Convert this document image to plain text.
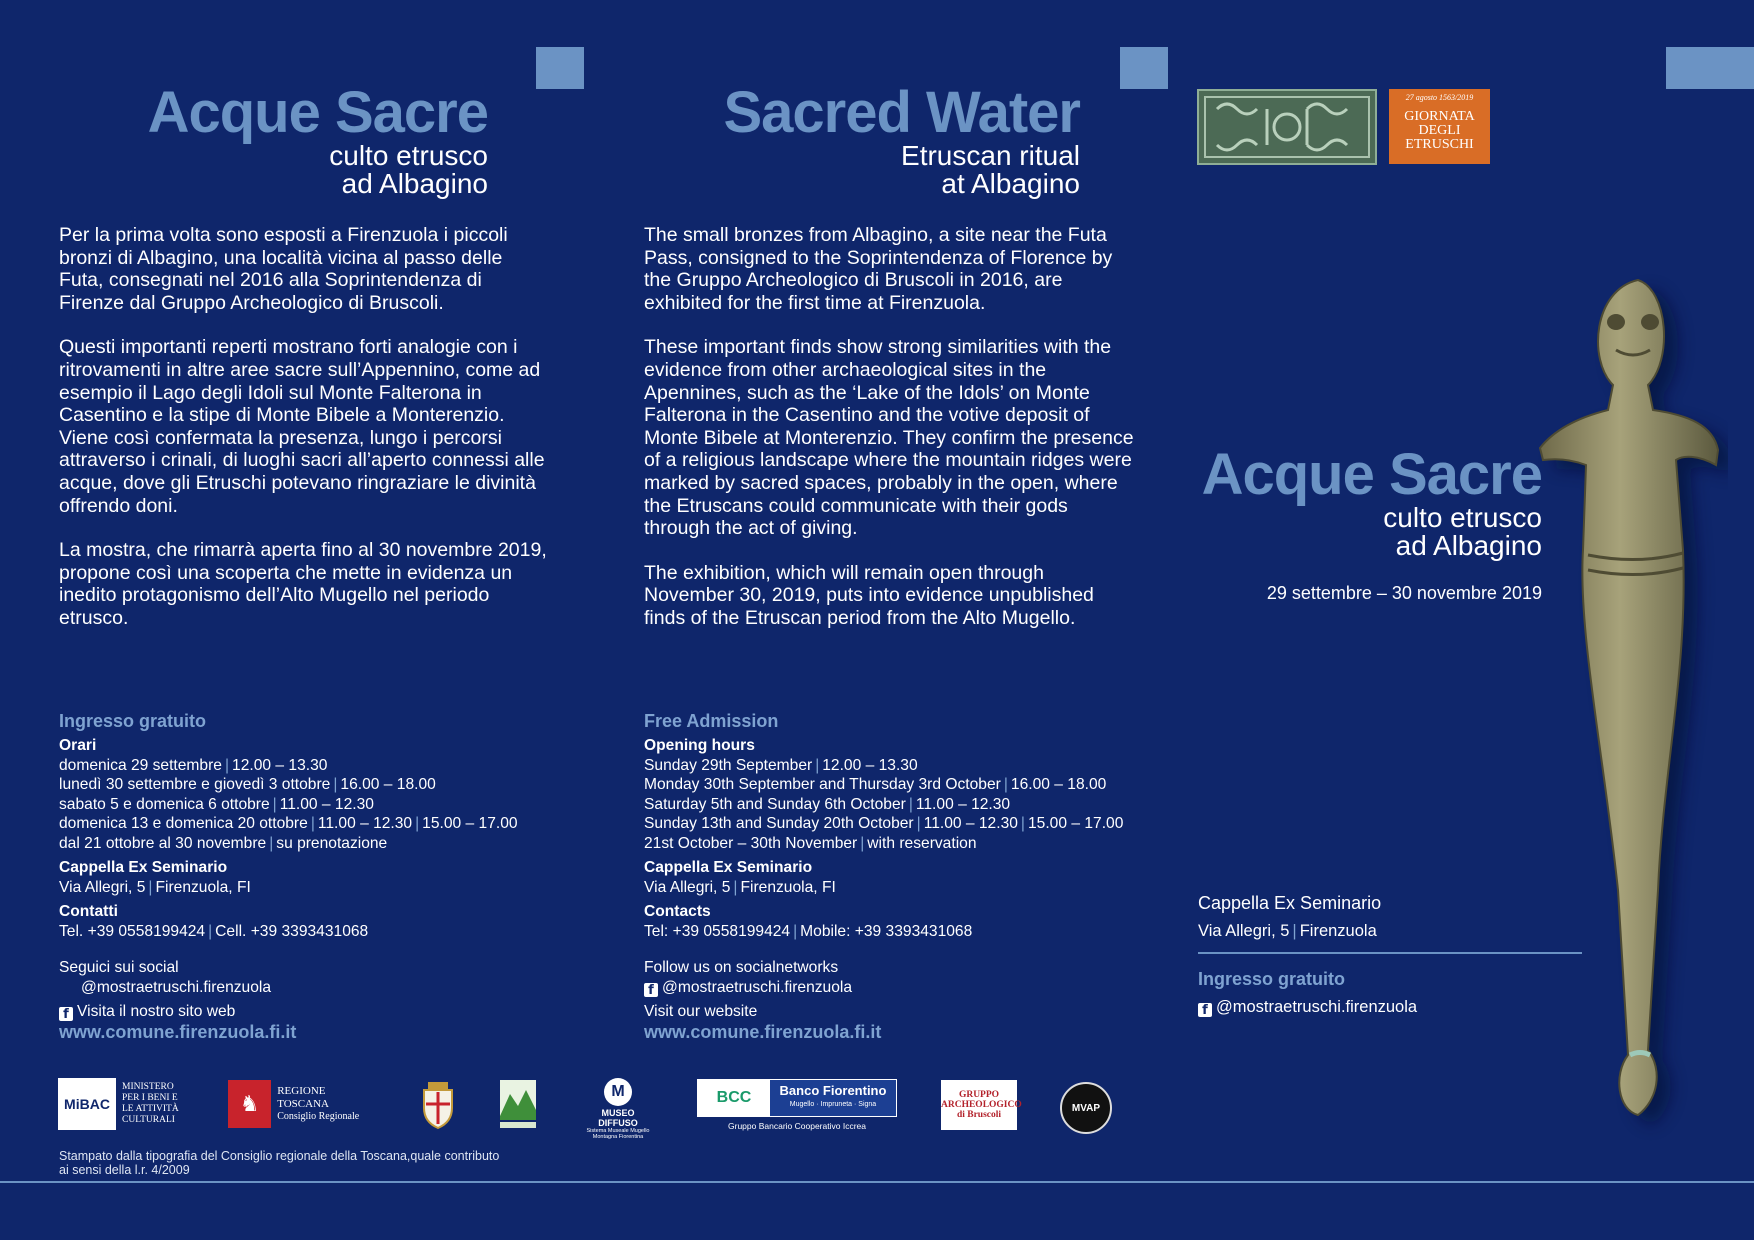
Acque Sacre
culto etrusco
ad Albagino

Per la prima volta sono esposti a Firenzuola i piccoli bronzi di Albagino, una località vicina al passo delle Futa, consegnati nel 2016 alla Soprintendenza di Firenze dal Gruppo Archeologico di Bruscoli.

Questi importanti reperti mostrano forti analogie con i ritrovamenti in altre aree sacre sull’Appennino, come ad esempio il Lago degli Idoli sul Monte Falterona in Casentino e la stipe di Monte Bibele a Monterenzio. Viene così confermata la presenza, lungo i percorsi attraverso i crinali, di luoghi sacri all’aperto connessi alle acque, dove gli Etruschi potevano ringraziare le divinità offrendo doni.

La mostra, che rimarrà aperta fino al 30 novembre 2019, propone così una scoperta che mette in evidenza un inedito protagonismo dell’Alto Mugello nel periodo etrusco.

Ingresso gratuito
Orari
domenica 29 settembre | 12.00 – 13.30
lunedì 30 settembre e giovedì 3 ottobre | 16.00 – 18.00
sabato 5 e domenica 6 ottobre | 11.00 – 12.30
domenica 13 e domenica 20 ottobre | 11.00 – 12.30 | 15.00 – 17.00
dal 21 ottobre al 30 novembre | su prenotazione
Cappella Ex Seminario
Via Allegri, 5 | Firenzuola, FI
Contatti
Tel. +39 0558199424 | Cell. +39 3393431068
Seguici sui social
@mostraetruschi.firenzuola
f Visita il nostro sito web
www.comune.firenzuola.fi.it
Sacred Water
Etruscan ritual
at Albagino

The small bronzes from Albagino, a site near the Futa Pass, consigned to the Soprintendenza of Florence by the Gruppo Archeologico di Bruscoli in 2016, are exhibited for the first time at Firenzuola.

These important finds show strong similarities with the evidence from other archaeological sites in the Apennines, such as the ‘Lake of the Idols’ on Monte Falterona in the Casentino and the votive deposit of Monte Bibele at Monterenzio. They confirm the presence of a religious landscape where the mountain ridges were marked by sacred spaces, probably in the open, where the Etruscans could communicate with their gods through the act of giving.

The exhibition, which will remain open through November 30, 2019, puts into evidence unpublished finds of the Etruscan period from the Alto Mugello.

Free Admission
Opening hours
Sunday 29th September | 12.00 – 13.30
Monday 30th September and Thursday 3rd October | 16.00 – 18.00
Saturday 5th and Sunday 6th October | 11.00 – 12.30
Sunday 13th and Sunday 20th October | 11.00 – 12.30 | 15.00 – 17.00
21st October – 30th November | with reservation
Cappella Ex Seminario
Via Allegri, 5 | Firenzuola, FI
Contacts
Tel: +39 0558199424 | Mobile: +39 3393431068
Follow us on socialnetworks
f @mostraetruschi.firenzuola
Visit our website
www.comune.firenzuola.fi.it
27 agosto 1563/2019
GIORNATA
DEGLI
ETRUSCHI
Acque Sacre
culto etrusco
ad Albagino
29 settembre – 30 novembre 2019
Cappella Ex Seminario
Via Allegri, 5 | Firenzuola
Ingresso gratuito
f @mostraetruschi.firenzuola
MiBAC
MINISTERO PER I BENI E LE ATTIVITÀ CULTURALI
♞	REGIONE TOSCANA
Consiglio Regionale
M
MUSEO DIFFUSO
Sistema Museale Mugello Montagna Fiorentina
BCC	Banco Fiorentino
Mugello · Impruneta · Signa
Gruppo Bancario Cooperativo Iccrea
GRUPPO
ARCHEOLOGICO
di Bruscoli
MVAP
Stampato dalla tipografia del Consiglio regionale della Toscana,quale contributo
ai sensi della l.r. 4/2009
